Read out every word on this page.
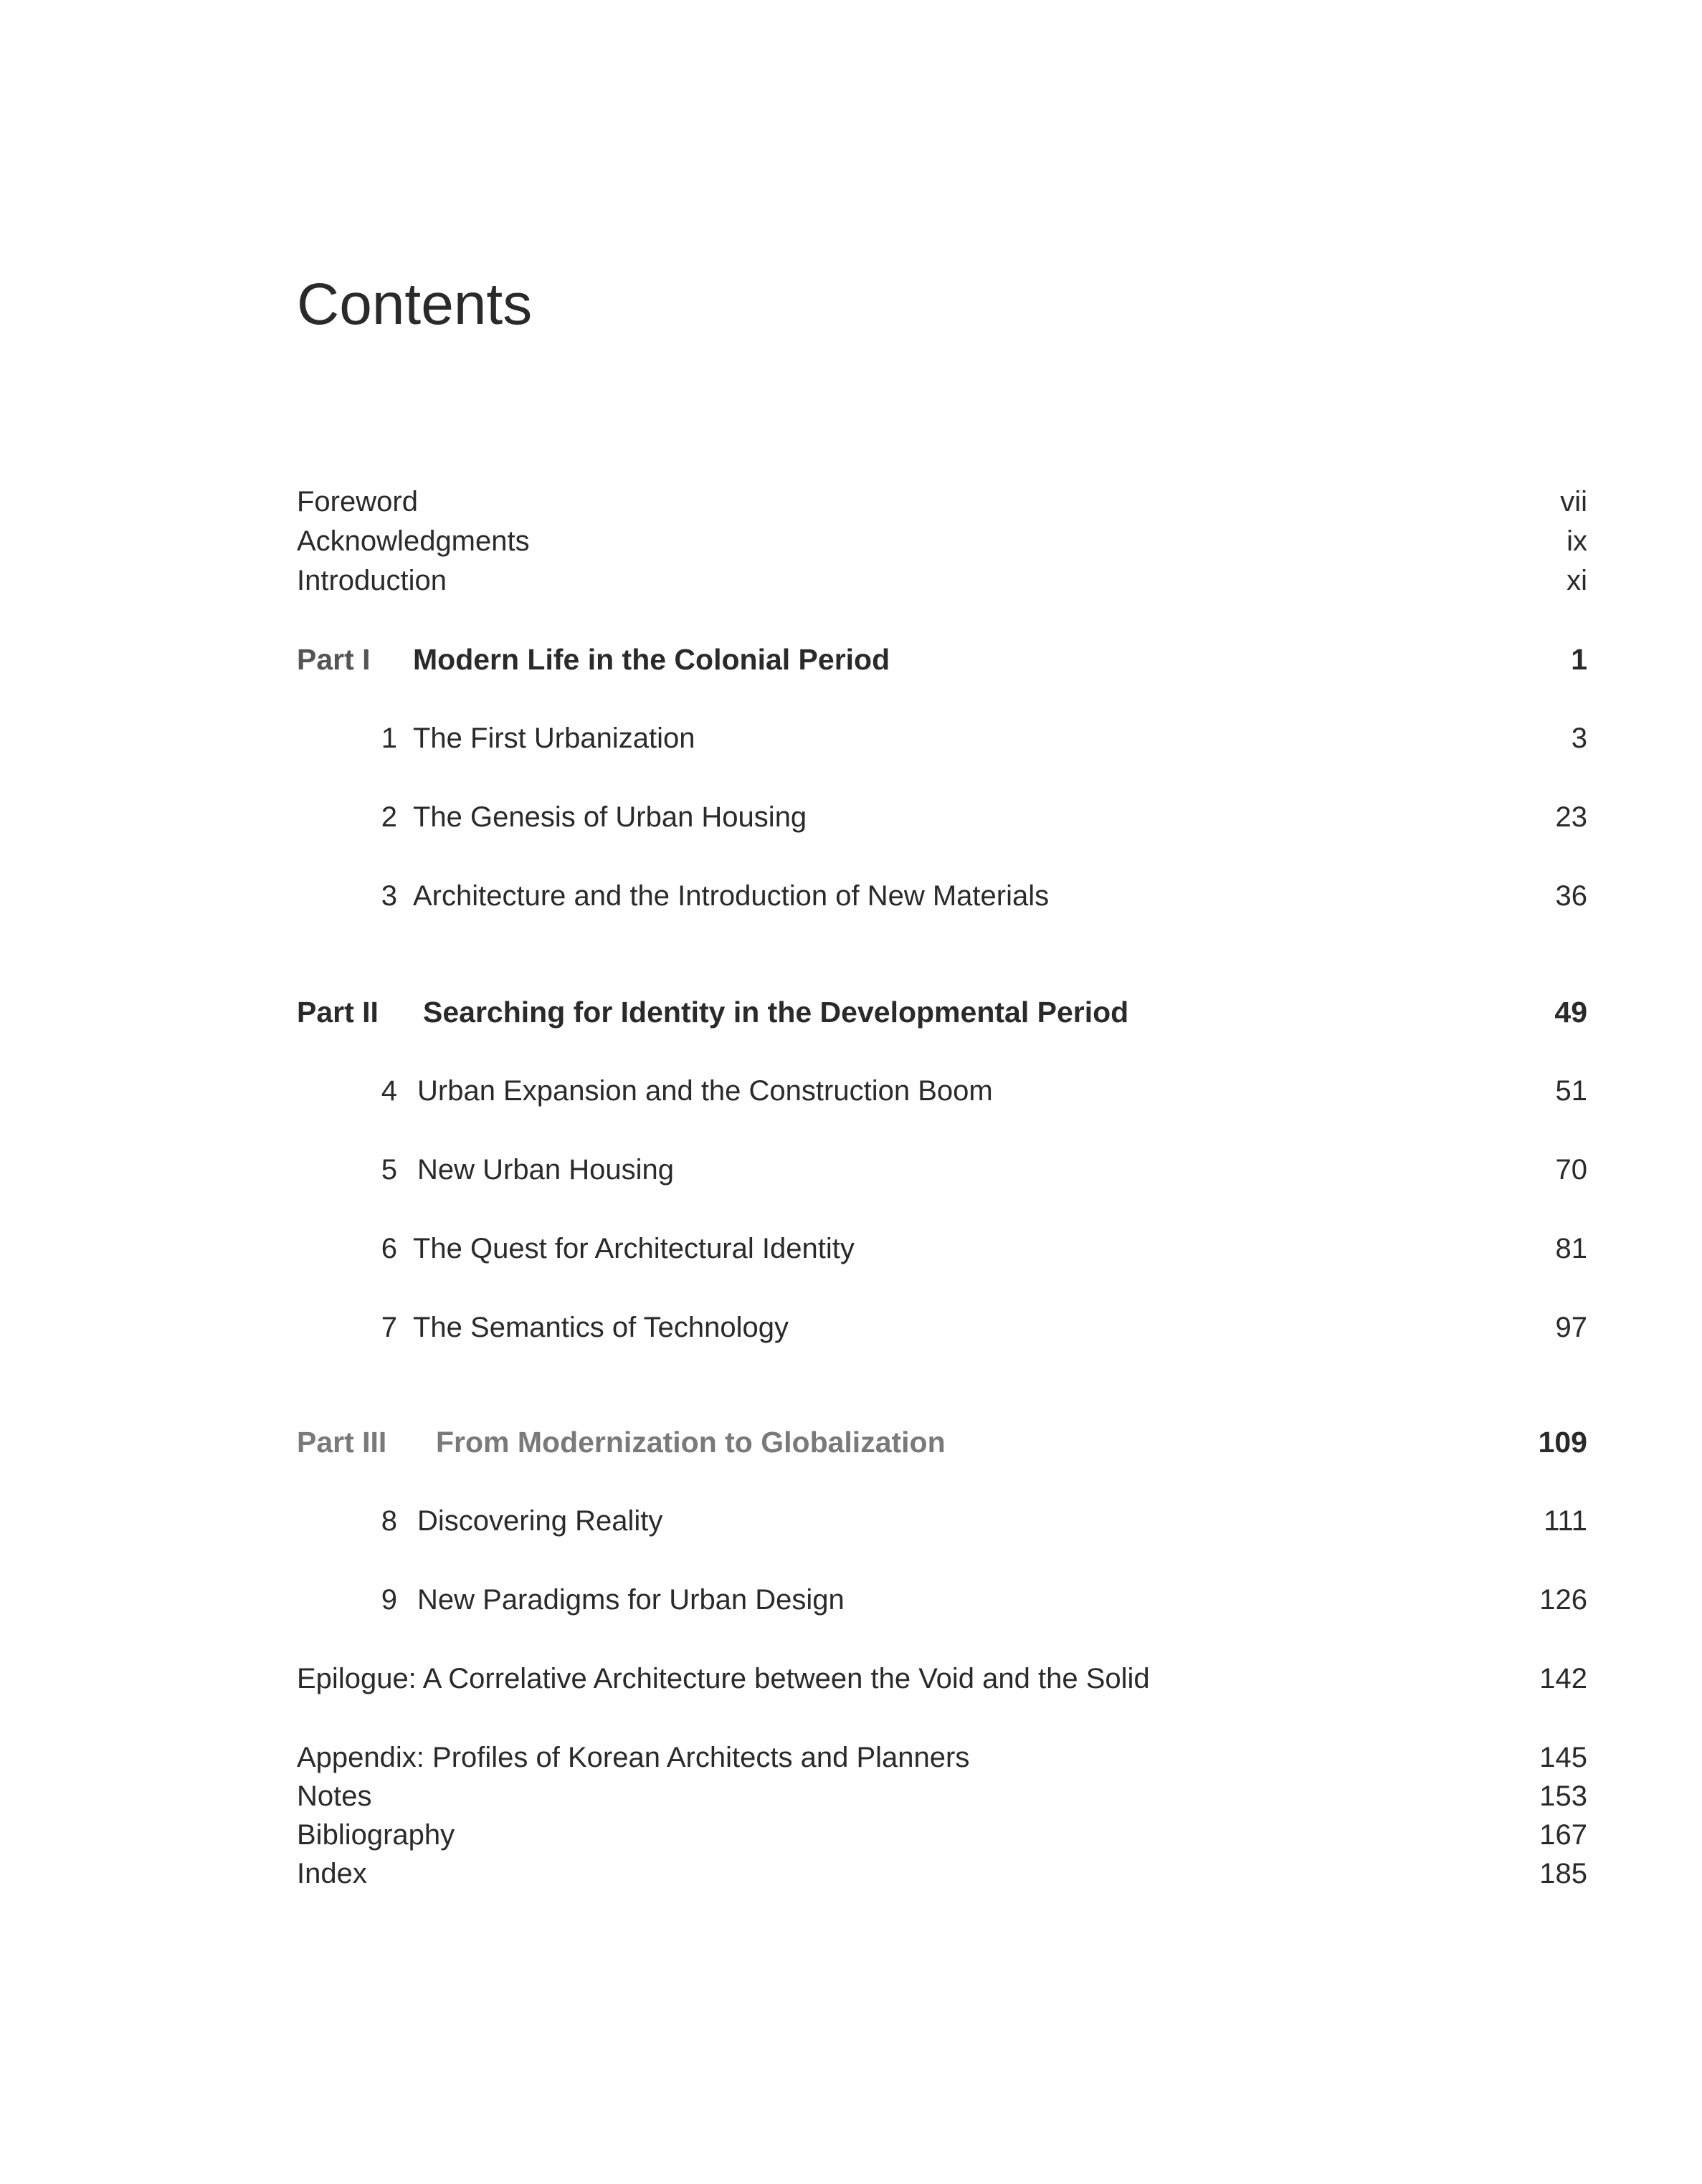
Contents
Foreword	vii
Acknowledgments	ix
Introduction	xi
Part I Modern Life in the Colonial Period	1
1 The First Urbanization	3
2 The Genesis of Urban Housing	23
3 Architecture and the Introduction of New Materials	36
Part II Searching for Identity in the Developmental Period	49
4 Urban Expansion and the Construction Boom	51
5 New Urban Housing	70
6 The Quest for Architectural Identity	81
7 The Semantics of Technology	97
Part III From Modernization to Globalization	109
8 Discovering Reality	111
9 New Paradigms for Urban Design	126
Epilogue: A Correlative Architecture between the Void and the Solid	142
Appendix: Profiles of Korean Architects and Planners	145
Notes	153
Bibliography	167
Index	185
